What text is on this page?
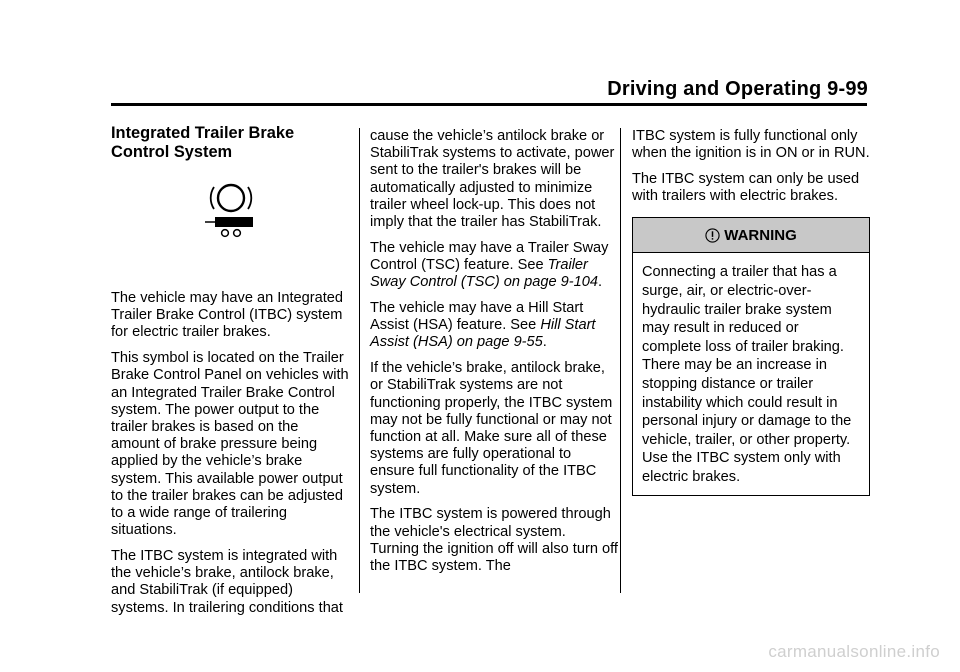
Driving and Operating 9-99
Integrated Trailer Brake
Control System

The vehicle may have an Integrated Trailer Brake Control (ITBC) system for electric trailer brakes.

This symbol is located on the Trailer Brake Control Panel on vehicles with an Integrated Trailer Brake Control system. The power output to the trailer brakes is based on the amount of brake pressure being applied by the vehicle’s brake system. This available power output to the trailer brakes can be adjusted to a wide range of trailering situations.

The ITBC system is integrated with the vehicle’s brake, antilock brake, and StabiliTrak (if equipped) systems. In trailering conditions that

cause the vehicle’s antilock brake or StabiliTrak systems to activate, power sent to the trailer's brakes will be automatically adjusted to minimize trailer wheel lock-up. This does not imply that the trailer has StabiliTrak.

The vehicle may have a Trailer Sway Control (TSC) feature. See Trailer Sway Control (TSC) on page 9-104.

The vehicle may have a Hill Start Assist (HSA) feature. See Hill Start Assist (HSA) on page 9-55.

If the vehicle’s brake, antilock brake, or StabiliTrak systems are not functioning properly, the ITBC system may not be fully functional or may not function at all. Make sure all of these systems are fully operational to ensure full functionality of the ITBC system.

The ITBC system is powered through the vehicle's electrical system. Turning the ignition off will also turn off the ITBC system. The

ITBC system is fully functional only when the ignition is in ON or in RUN.

The ITBC system can only be used with trailers with electric brakes.

WARNING
Connecting a trailer that has a surge, air, or electric-over-hydraulic trailer brake system may result in reduced or complete loss of trailer braking. There may be an increase in stopping distance or trailer instability which could result in personal injury or damage to the vehicle, trailer, or other property. Use the ITBC system only with electric brakes.
carmanualsonline.info
